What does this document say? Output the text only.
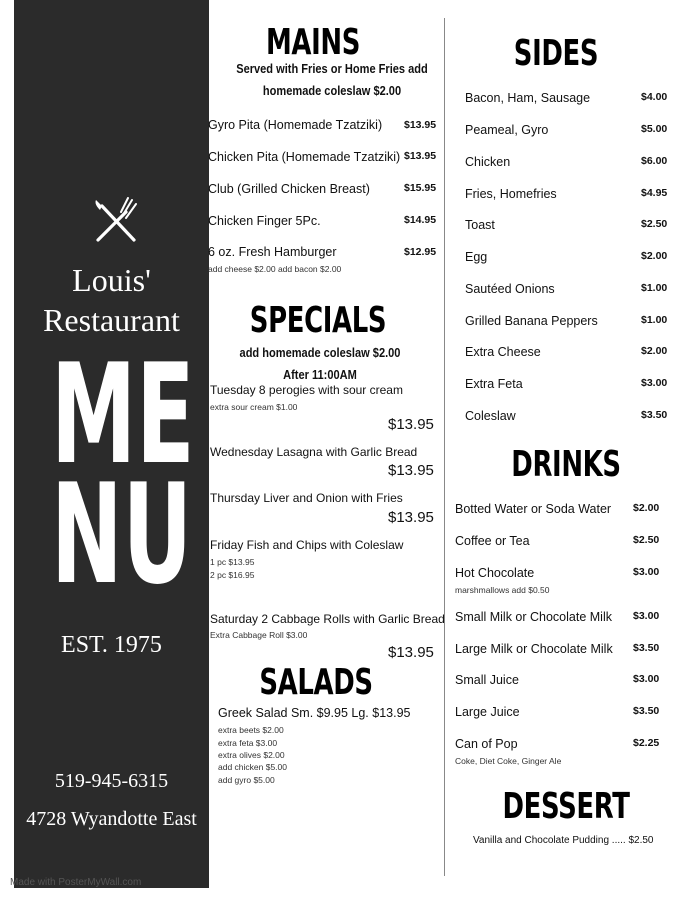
Louis'
Restaurant
ME
NU
EST. 1975
519-945-6315
4728 Wyandotte East
Made with PosterMyWall.com
MAINS
Served with Fries or Home Fries add
homemade coleslaw $2.00
Gyro Pita (Homemade Tzatziki) $13.95
Chicken Pita (Homemade Tzatziki) $13.95
Club (Grilled Chicken Breast)	$15.95
Chicken Finger 5Pc.	$14.95
6 oz. Fresh Hamburger	$12.95
add cheese $2.00 add bacon $2.00
SPECIALS
add homemade coleslaw $2.00
After 11:00AM
Tuesday 8 perogies with sour cream
extra sour cream $1.00
$13.95
Wednesday Lasagna with Garlic Bread
$13.95
Thursday Liver and Onion with Fries
$13.95
Friday Fish and Chips with Coleslaw
1 pc $13.95
2 pc $16.95
Saturday 2 Cabbage Rolls with Garlic Bread
Extra Cabbage Roll $3.00
$13.95
SALADS
Greek Salad Sm. $9.95 Lg. $13.95
extra beets $2.00
extra feta $3.00
extra olives $2.00
add chicken $5.00
add gyro $5.00
SIDES
Bacon, Ham, Sausage	$4.00
Peameal, Gyro	$5.00
Chicken	$6.00
Fries, Homefries	$4.95
Toast	$2.50
Egg	$2.00
Sautéed Onions	$1.00
Grilled Banana Peppers	$1.00
Extra Cheese	$2.00
Extra Feta	$3.00
Coleslaw	$3.50
DRINKS
Botted Water or Soda Water $2.00
Coffee or Tea	$2.50
Hot Chocolate	$3.00
marshmallows add $0.50
Small Milk or Chocolate Milk $3.00
Large Milk or Chocolate Milk $3.50
Small Juice	$3.00
Large Juice	$3.50
Can of Pop	$2.25
Coke, Diet Coke, Ginger Ale
DESSERT
Vanilla and Chocolate Pudding ..... $2.50
